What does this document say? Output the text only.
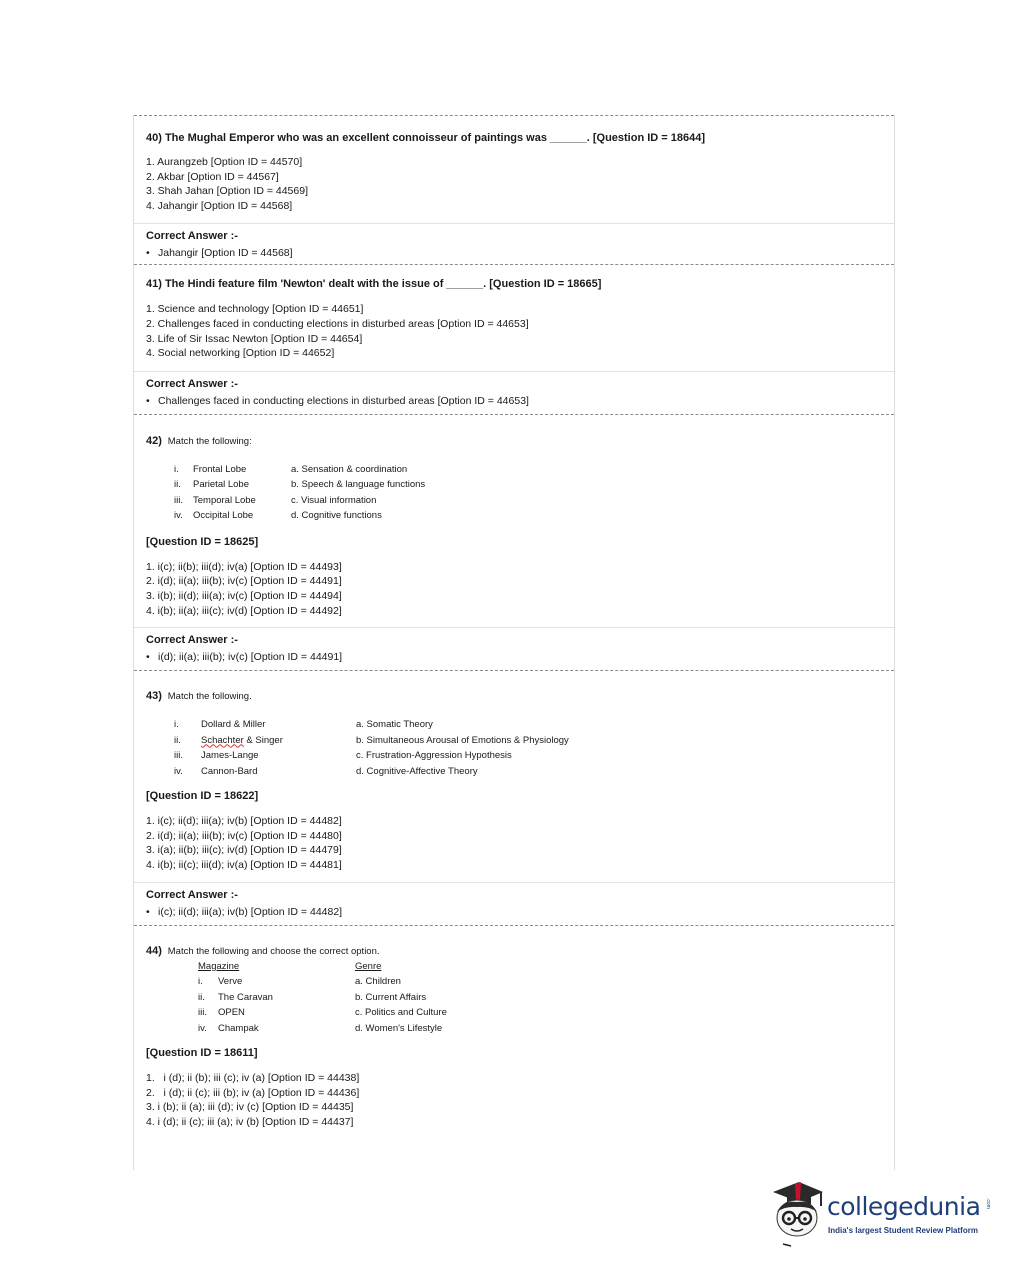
40) The Mughal Emperor who was an excellent connoisseur of paintings was ______. [Question ID = 18644]
1. Aurangzeb [Option ID = 44570]
2. Akbar [Option ID = 44567]
3. Shah Jahan [Option ID = 44569]
4. Jahangir [Option ID = 44568]
Correct Answer :-
• Jahangir [Option ID = 44568]
41) The Hindi feature film 'Newton' dealt with the issue of ______. [Question ID = 18665]
1. Science and technology [Option ID = 44651]
2. Challenges faced in conducting elections in disturbed areas [Option ID = 44653]
3. Life of Sir Issac Newton [Option ID = 44654]
4. Social networking [Option ID = 44652]
Correct Answer :-
• Challenges faced in conducting elections in disturbed areas [Option ID = 44653]
42) Match the following:
i.	Frontal Lobe	a. Sensation & coordination
ii.	Parietal Lobe	b. Speech & language functions
iii.	Temporal Lobe	c. Visual information
iv.	Occipital Lobe	d. Cognitive functions
[Question ID = 18625]
1. i(c); ii(b); iii(d); iv(a) [Option ID = 44493]
2. i(d); ii(a); iii(b); iv(c) [Option ID = 44491]
3. i(b); ii(d); iii(a); iv(c) [Option ID = 44494]
4. i(b); ii(a); iii(c); iv(d) [Option ID = 44492]
Correct Answer :-
• i(d); ii(a); iii(b); iv(c) [Option ID = 44491]
43) Match the following.
i.	Dollard & Miller	a. Somatic Theory
ii.	Schachter & Singer	b. Simultaneous Arousal of Emotions & Physiology
iii.	James-Lange	c. Frustration-Aggression Hypothesis
iv.	Cannon-Bard	d. Cognitive-Affective Theory
[Question ID = 18622]
1. i(c); ii(d); iii(a); iv(b) [Option ID = 44482]
2. i(d); ii(a); iii(b); iv(c) [Option ID = 44480]
3. i(a); ii(b); iii(c); iv(d) [Option ID = 44479]
4. i(b); ii(c); iii(d); iv(a) [Option ID = 44481]
Correct Answer :-
• i(c); ii(d); iii(a); iv(b) [Option ID = 44482]
44) Match the following and choose the correct option.
Magazine		Genre
i.	Verve	a. Children
ii.	The Caravan	b. Current Affairs
iii.	OPEN	c. Politics and Culture
iv.	Champak	d. Women's Lifestyle
[Question ID = 18611]
1.   i (d); ii (b); iii (c); iv (a) [Option ID = 44438]
2.   i (d); ii (c); iii (b); iv (a) [Option ID = 44436]
3. i (b); ii (a); iii (d); iv (c) [Option ID = 44435]
4. i (d); ii (c); iii (a); iv (b) [Option ID = 44437]
collegedunia .com
India's largest Student Review Platform
